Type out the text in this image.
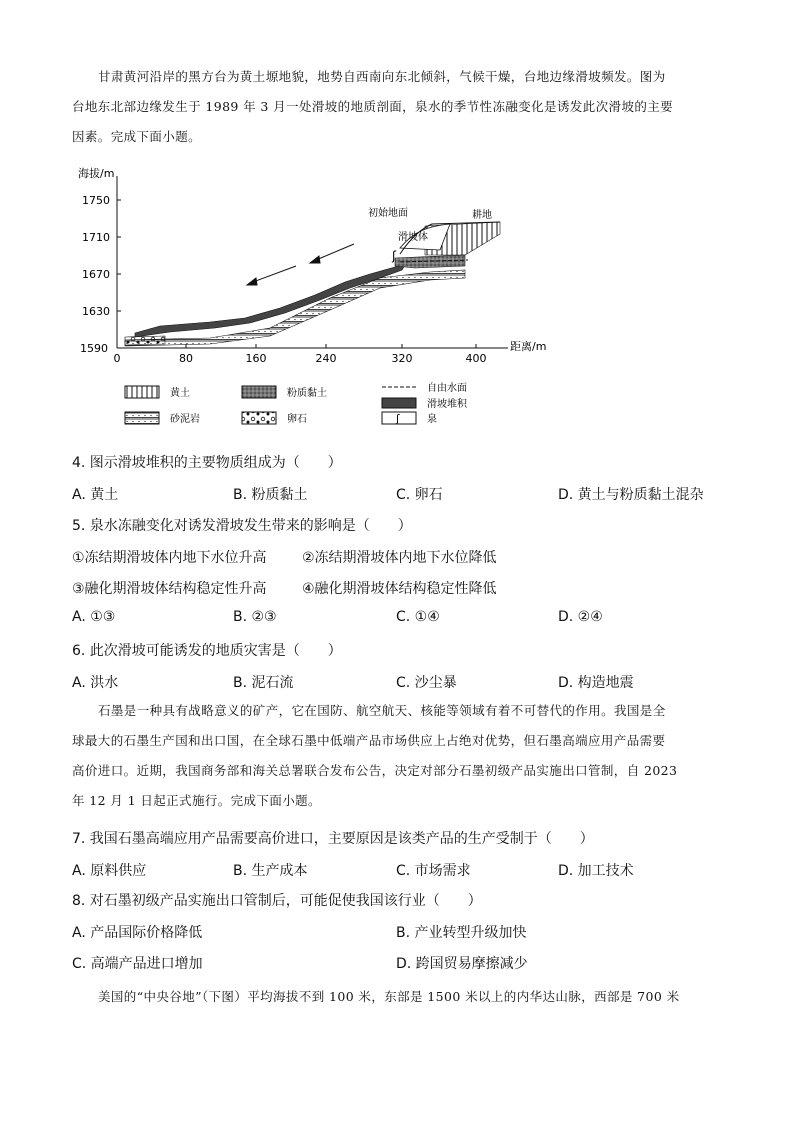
甘肃黄河沿岸的黑方台为黄土塬地貌，地势自西南向东北倾斜，气候干燥，台地边缘滑坡频发。图为
台地东北部边缘发生于 1989 年 3 月一处滑坡的地质剖面，泉水的季节性冻融变化是诱发此次滑坡的主要
因素。完成下面小题。
海拔/m
距离/m
1750
1710
1670
1630
1590
0	80	160	240	320	400
ʃ
初始地面
滑坡体
耕地
黄土	粉质黏土	自由水面
滑坡堆积
砂泥岩	卵石	ʃ	泉
4. 图示滑坡堆积的主要物质组成为（　　）
A. 黄土	B. 粉质黏土	C. 卵石	D. 黄土与粉质黏土混杂
5. 泉水冻融变化对诱发滑坡发生带来的影响是（　　）
①冻结期滑坡体内地下水位升高	②冻结期滑坡体内地下水位降低
③融化期滑坡体结构稳定性升高	④融化期滑坡体结构稳定性降低
A. ①③	B. ②③	C. ①④	D. ②④
6. 此次滑坡可能诱发的地质灾害是（　　）
A. 洪水	B. 泥石流	C. 沙尘暴	D. 构造地震
石墨是一种具有战略意义的矿产，它在国防、航空航天、核能等领域有着不可替代的作用。我国是全
球最大的石墨生产国和出口国，在全球石墨中低端产品市场供应上占绝对优势，但石墨高端应用产品需要
高价进口。近期，我国商务部和海关总署联合发布公告，决定对部分石墨初级产品实施出口管制，自 2023
年 12 月 1 日起正式施行。完成下面小题。
7. 我国石墨高端应用产品需要高价进口，主要原因是该类产品的生产受制于（　　）
A. 原料供应	B. 生产成本	C. 市场需求	D. 加工技术
8. 对石墨初级产品实施出口管制后，可能促使我国该行业（　　）
A. 产品国际价格降低	B. 产业转型升级加快
C. 高端产品进口增加	D. 跨国贸易摩擦减少
美国的“中央谷地”（下图）平均海拔不到 100 米，东部是 1500 米以上的内华达山脉，西部是 700 米
